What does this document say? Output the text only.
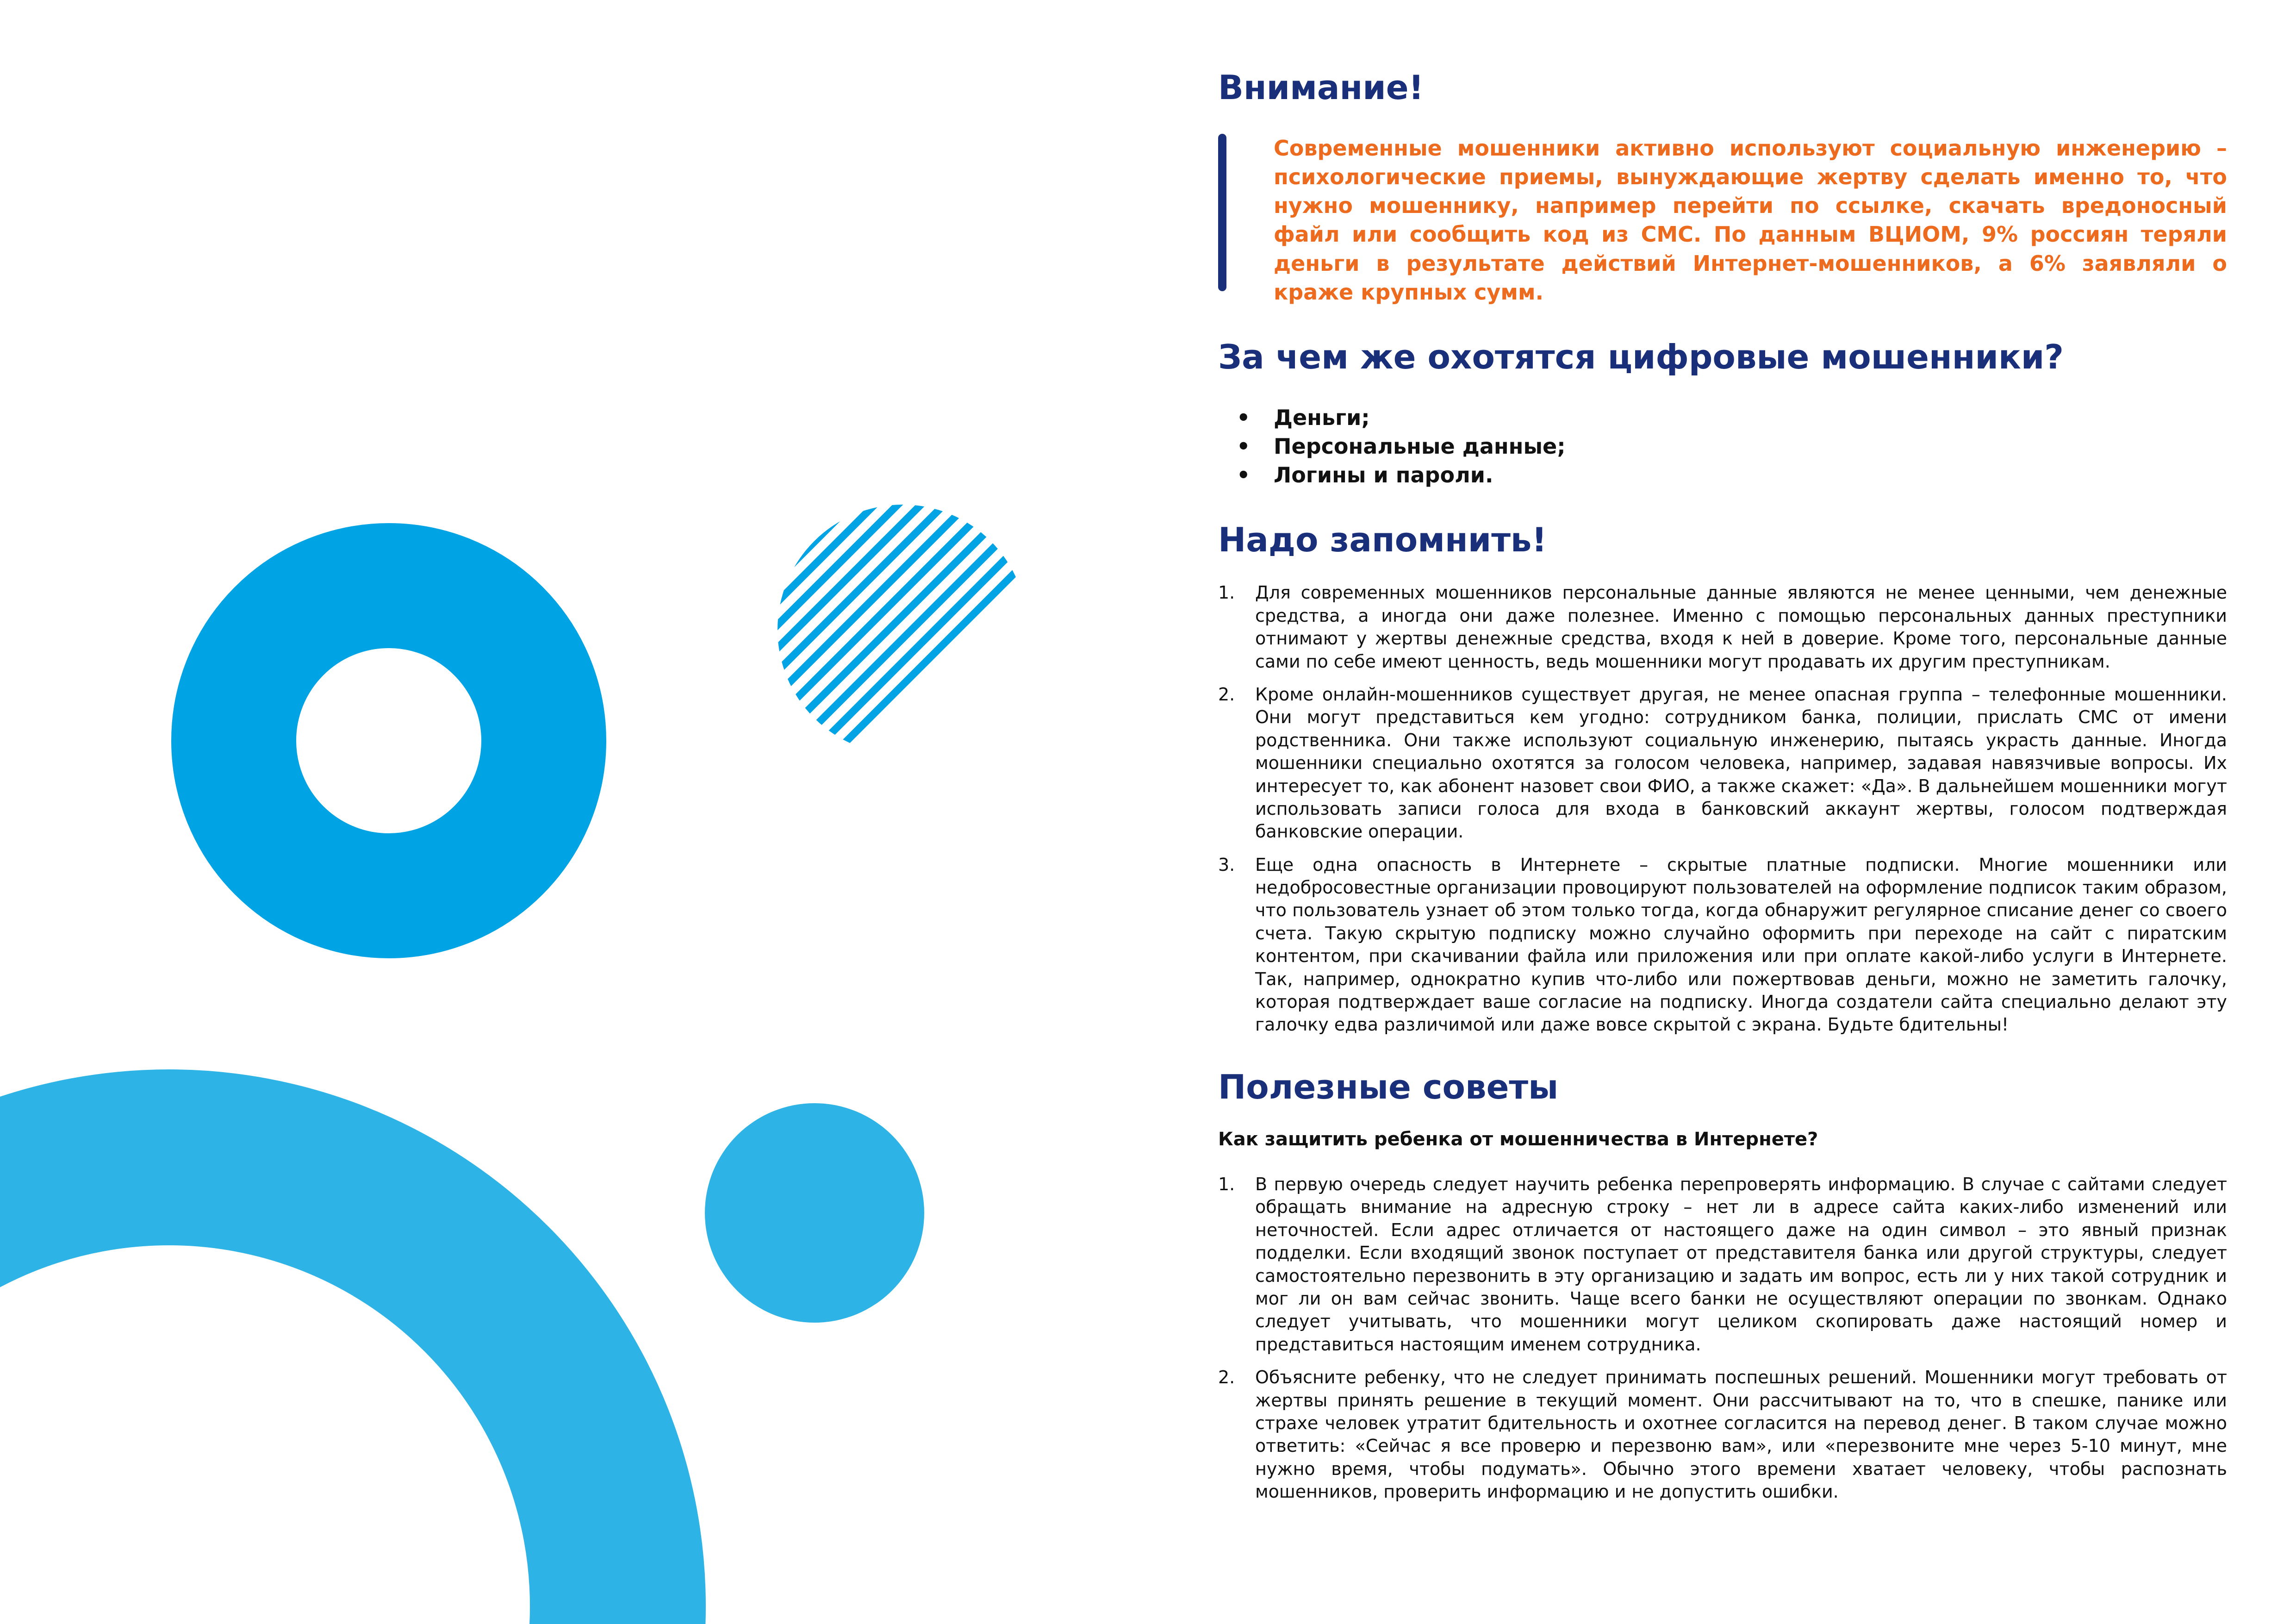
Внимание!
Современные мошенники активно используют социальную инженерию – психологические приемы, вынуждающие жертву сделать именно то, что нужно мошеннику, например перейти по ссылке, скачать вредоносный файл или сообщить код из СМС. По данным ВЦИОМ, 9% россиян теряли деньги в результате действий Интернет-мошенников, а 6% заявляли о краже крупных сумм.
За чем же охотятся цифровые мошенники?
• Деньги;
• Персональные данные;
• Логины и пароли.
Надо запомнить!
1. Для современных мошенников персональные данные являются не менее ценными, чем денежные средства, а иногда они даже полезнее. Именно с помощью персональных данных преступники отнимают у жертвы денежные средства, входя к ней в доверие. Кроме того, персональные данные сами по себе имеют ценность, ведь мошенники могут продавать их другим преступникам.
2. Кроме онлайн-мошенников существует другая, не менее опасная группа – телефонные мошенники. Они могут представиться кем угодно: сотрудником банка, полиции, прислать СМС от имени родственника. Они также используют социальную инженерию, пытаясь украсть данные. Иногда мошенники специально охотятся за голосом человека, например, задавая навязчивые вопросы. Их интересует то, как абонент назовет свои ФИО, а также скажет: «Да». В дальнейшем мошенники могут использовать записи голоса для входа в банковский аккаунт жертвы, голосом подтверждая банковские операции.
3. Еще одна опасность в Интернете – скрытые платные подписки. Многие мошенники или недобросовестные организации провоцируют пользователей на оформление подписок таким образом, что пользователь узнает об этом только тогда, когда обнаружит регулярное списание денег со своего счета. Такую скрытую подписку можно случайно оформить при переходе на сайт с пиратским контентом, при скачивании файла или приложения или при оплате какой-либо услуги в Интернете. Так, например, однократно купив что-либо или пожертвовав деньги, можно не заметить галочку, которая подтверждает ваше согласие на подписку. Иногда создатели сайта специально делают эту галочку едва различимой или даже вовсе скрытой с экрана. Будьте бдительны!
Полезные советы
Как защитить ребенка от мошенничества в Интернете?
1. В первую очередь следует научить ребенка перепроверять информацию. В случае с сайтами следует обращать внимание на адресную строку – нет ли в адресе сайта каких-либо изменений или неточностей. Если адрес отличается от настоящего даже на один символ – это явный признак подделки. Если входящий звонок поступает от представителя банка или другой структуры, следует самостоятельно перезвонить в эту организацию и задать им вопрос, есть ли у них такой сотрудник и мог ли он вам сейчас звонить. Чаще всего банки не осуществляют операции по звонкам. Однако следует учитывать, что мошенники могут целиком скопировать даже настоящий номер и представиться настоящим именем сотрудника.
2. Объясните ребенку, что не следует принимать поспешных решений. Мошенники могут требовать от жертвы принять решение в текущий момент. Они рассчитывают на то, что в спешке, панике или страхе человек утратит бдительность и охотнее согласится на перевод денег. В таком случае можно ответить: «Сейчас я все проверю и перезвоню вам», или «перезвоните мне через 5-10 минут, мне нужно время, чтобы подумать». Обычно этого времени хватает человеку, чтобы распознать мошенников, проверить информацию и не допустить ошибки.
